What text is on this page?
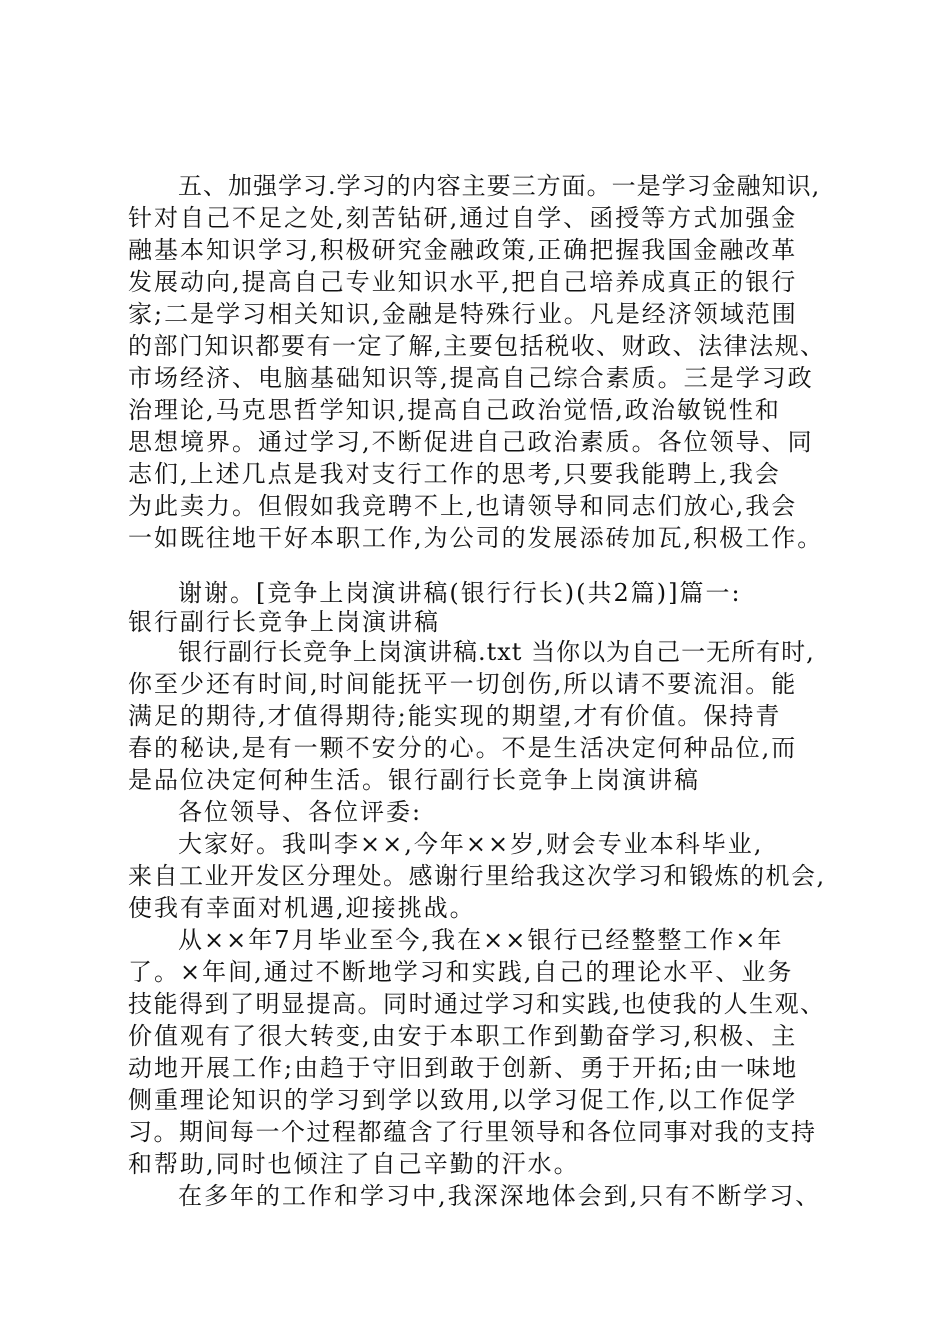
五、加强学习.学习的内容主要三方面。一是学习金融知识,
针对自己不足之处,刻苦钻研,通过自学、函授等方式加强金
融基本知识学习,积极研究金融政策,正确把握我国金融改革
发展动向,提高自己专业知识水平,把自己培养成真正的银行
家;二是学习相关知识,金融是特殊行业。凡是经济领域范围
的部门知识都要有一定了解,主要包括税收、财政、法律法规、
市场经济、电脑基础知识等,提高自己综合素质。三是学习政
治理论,马克思哲学知识,提高自己政治觉悟,政治敏锐性和
思想境界。通过学习,不断促进自己政治素质。各位领导、同
志们,上述几点是我对支行工作的思考,只要我能聘上,我会
为此卖力。但假如我竞聘不上,也请领导和同志们放心,我会
一如既往地干好本职工作,为公司的发展添砖加瓦,积极工作。
谢谢。[竞争上岗演讲稿(银行行长)(共2篇)]篇一:
银行副行长竞争上岗演讲稿
银行副行长竞争上岗演讲稿.txt 当你以为自己一无所有时,
你至少还有时间,时间能抚平一切创伤,所以请不要流泪。能
满足的期待,才值得期待;能实现的期望,才有价值。保持青
春的秘诀,是有一颗不安分的心。不是生活决定何种品位,而
是品位决定何种生活。银行副行长竞争上岗演讲稿
各位领导、各位评委:
大家好。我叫李××,今年××岁,财会专业本科毕业,
来自工业开发区分理处。感谢行里给我这次学习和锻炼的机会,
使我有幸面对机遇,迎接挑战。
从××年7月毕业至今,我在××银行已经整整工作×年
了。×年间,通过不断地学习和实践,自己的理论水平、业务
技能得到了明显提高。同时通过学习和实践,也使我的人生观、
价值观有了很大转变,由安于本职工作到勤奋学习,积极、主
动地开展工作;由趋于守旧到敢于创新、勇于开拓;由一味地
侧重理论知识的学习到学以致用,以学习促工作,以工作促学
习。期间每一个过程都蕴含了行里领导和各位同事对我的支持
和帮助,同时也倾注了自己辛勤的汗水。
在多年的工作和学习中,我深深地体会到,只有不断学习、
